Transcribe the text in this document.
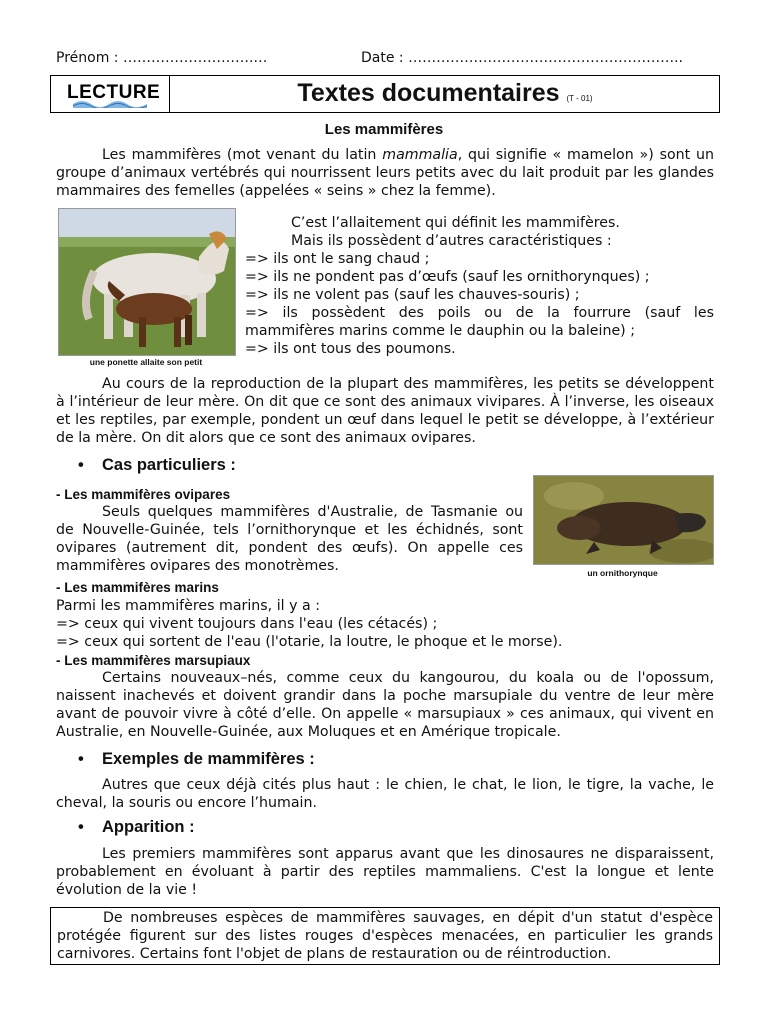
Prénom : ……………………….…	Date : …………………………………………………..
LECTURE	Textes documentaires (T - 01)
Les mammifères

Les mammifères (mot venant du latin mammalia, qui signifie « mamelon ») sont un groupe d’animaux vertébrés qui nourrissent leurs petits avec du lait produit par les glandes mammaires des femelles (appelées « seins » chez la femme).

une ponette allaite son petit
C’est l’allaitement qui définit les mammifères.
Mais ils possèdent d’autres caractéristiques :
=> ils ont le sang chaud ;
=> ils ne pondent pas d’œufs (sauf les ornithorynques) ;
=> ils ne volent pas (sauf les chauves-souris) ;

=> ils possèdent des poils ou de la fourrure (sauf les mammifères marins comme le dauphin ou la baleine) ;

=> ils ont tous des poumons.

Au cours de la reproduction de la plupart des mammifères, les petits se développent à l’intérieur de leur mère. On dit que ce sont des animaux vivipares. À l’inverse, les oiseaux et les reptiles, par exemple, pondent un œuf dans lequel le petit se développe, à l’extérieur de la mère. On dit alors que ce sont des animaux ovipares.

• Cas particuliers :
- Les mammifères ovipares

Seuls quelques mammifères d'Australie, de Tasmanie ou de Nouvelle-Guinée, tels l’ornithorynque et les échidnés, sont ovipares (autrement dit, pondent des œufs). On appelle ces mammifères ovipares des monotrèmes.	un ornithorynque
- Les mammifères marins
Parmi les mammifères marins, il y a :
=> ceux qui vivent toujours dans l'eau (les cétacés) ;
=> ceux qui sortent de l'eau (l'otarie, la loutre, le phoque et le morse).
- Les mammifères marsupiaux

Certains nouveaux–nés, comme ceux du kangourou, du koala ou de l'opossum, naissent inachevés et doivent grandir dans la poche marsupiale du ventre de leur mère avant de pouvoir vivre à côté d’elle. On appelle « marsupiaux » ces animaux, qui vivent en Australie, en Nouvelle-Guinée, aux Moluques et en Amérique tropicale.

• Exemples de mammifères :

Autres que ceux déjà cités plus haut : le chien, le chat, le lion, le tigre, la vache, le cheval, la souris ou encore l’humain.

• Apparition :

Les premiers mammifères sont apparus avant que les dinosaures ne disparaissent, probablement en évoluant à partir des reptiles mammaliens. C'est la longue et lente évolution de la vie !

De nombreuses espèces de mammifères sauvages, en dépit d'un statut d'espèce protégée figurent sur des listes rouges d'espèces menacées, en particulier les grands carnivores. Certains font l'objet de plans de restauration ou de réintroduction.
